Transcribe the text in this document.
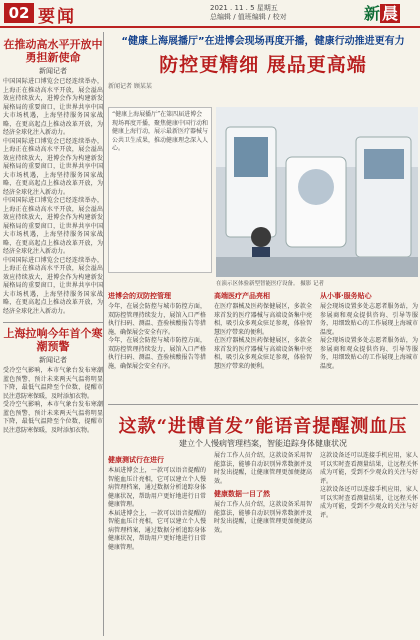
02 要闻	2021 . 11 . 5 星期五
总编辑 / 值班编辑 / 校对	新 晨
在推动高水平开放中勇担新使命
新闻记者
中国国际进口博览会已经连续举办，上海正在推动高水平开放，展会溢出效应持续放大，进博会作为构建新发展格局的重要窗口，让世界共享中国大市场机遇，上海坚持服务国家战略，在更高起点上推动改革开放，为经济全球化注入新动力。
中国国际进口博览会已经连续举办，上海正在推动高水平开放，展会溢出效应持续放大，进博会作为构建新发展格局的重要窗口，让世界共享中国大市场机遇，上海坚持服务国家战略，在更高起点上推动改革开放，为经济全球化注入新动力。
中国国际进口博览会已经连续举办，上海正在推动高水平开放，展会溢出效应持续放大，进博会作为构建新发展格局的重要窗口，让世界共享中国大市场机遇，上海坚持服务国家战略，在更高起点上推动改革开放，为经济全球化注入新动力。
中国国际进口博览会已经连续举办，上海正在推动高水平开放，展会溢出效应持续放大，进博会作为构建新发展格局的重要窗口，让世界共享中国大市场机遇，上海坚持服务国家战略，在更高起点上推动改革开放，为经济全球化注入新动力。
上海拉响今年首个寒潮预警
新闻记者
受冷空气影响，本市气象台发布寒潮蓝色预警，预计未来两天气温将明显下降，最低气温降至个位数，提醒市民注意防寒保暖，及时添加衣物。
受冷空气影响，本市气象台发布寒潮蓝色预警，预计未来两天气温将明显下降，最低气温降至个位数，提醒市民注意防寒保暖，及时添加衣物。
“健康上海展播厅”在进博会现场再度开播，健康行动推进更有力
防控更精细 展品更高端
新闻记者 顾某某
“健康上海展播厅”在第四届进博会现场再度开播，聚焦健康中国行动和健康上海行动，展示最新医疗器械与公共卫生成果，推动健康理念深入人心。
在演示区体验新型智能医疗设备。 摄影 记者
进博会的双防控管理
今年，在展会防控与城市防控方面，双防控管理持续发力，展馆入口严格执行扫码、测温、查验核酸报告等措施，确保展会安全有序。
今年，在展会防控与城市防控方面，双防控管理持续发力，展馆入口严格执行扫码、测温、查验核酸报告等措施，确保展会安全有序。
高端医疗产品亮相
在医疗器械及医药保健展区，多款全球首发的医疗器械与高端设备集中亮相，吸引众多观众驻足参观，体验智慧医疗带来的便利。
在医疗器械及医药保健展区，多款全球首发的医疗器械与高端设备集中亮相，吸引众多观众驻足参观，体验智慧医疗带来的便利。
从小事·服务贴心
展会现场设置多处志愿者服务站，为参展商和观众提供咨询、引导等服务，用细致贴心的工作展现上海城市温度。
展会现场设置多处志愿者服务站，为参展商和观众提供咨询、引导等服务，用细致贴心的工作展现上海城市温度。
这款“进博首发”能语音提醒测血压
建立个人慢病管理档案，智能追踪身体健康状况
健康测试行在进行
本届进博会上，一款可以语音提醒的智能血压计亮相，它可以建立个人慢病管理档案，通过数据分析追踪身体健康状况，帮助用户更好地进行日常健康管理。
本届进博会上，一款可以语音提醒的智能血压计亮相，它可以建立个人慢病管理档案，通过数据分析追踪身体健康状况，帮助用户更好地进行日常健康管理。
展台工作人员介绍，这款设备采用智能算法，能够自动识别异常数据并及时发出提醒，让健康管理更加便捷高效。
健康数据一目了然
展台工作人员介绍，这款设备采用智能算法，能够自动识别异常数据并及时发出提醒，让健康管理更加便捷高效。
这款设备还可以连接手机应用，家人可以实时查看测量结果，让远程关怀成为可能，受到不少观众的关注与好评。
这款设备还可以连接手机应用，家人可以实时查看测量结果，让远程关怀成为可能，受到不少观众的关注与好评。
